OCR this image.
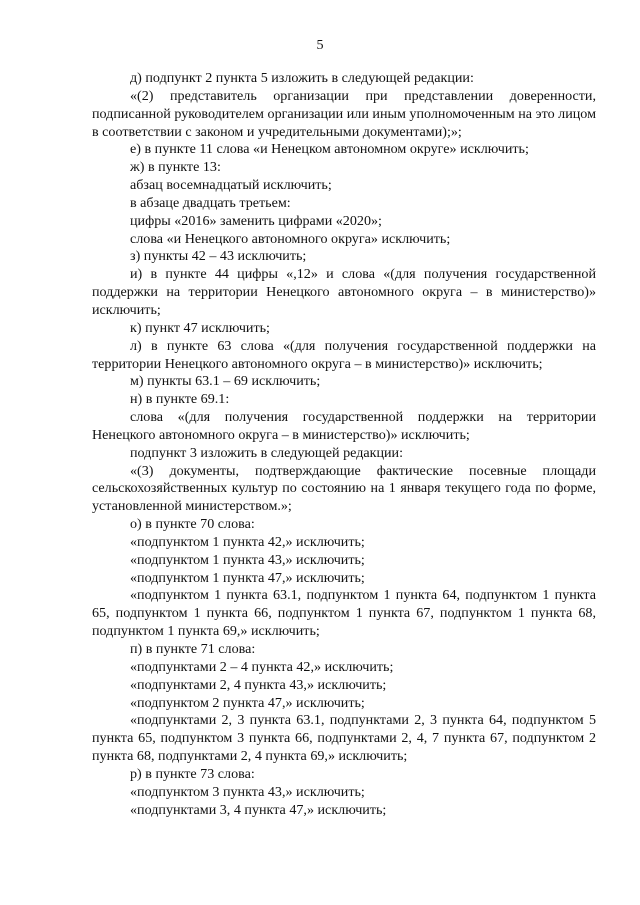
5

д) подпункт 2 пункта 5 изложить в следующей редакции:

«(2) представитель организации при представлении доверенности, подписанной руководителем организации или иным уполномоченным на это лицом в соответствии с законом и учредительными документами);»;

е) в пункте 11 слова «и Ненецком автономном округе» исключить;

ж) в пункте 13:

абзац восемнадцатый исключить;

в абзаце двадцать третьем:

цифры «2016» заменить цифрами «2020»;

слова «и Ненецкого автономного округа» исключить;

з) пункты 42 – 43 исключить;

и) в пункте 44 цифры «,12» и слова «(для получения государственной поддержки на территории Ненецкого автономного округа – в министерство)» исключить;

к) пункт 47 исключить;

л) в пункте 63 слова «(для получения государственной поддержки на территории Ненецкого автономного округа – в министерство)» исключить;

м) пункты 63.1 – 69 исключить;

н) в пункте 69.1:

слова «(для получения государственной поддержки на территории Ненецкого автономного округа – в министерство)» исключить;

подпункт 3 изложить в следующей редакции:

«(3) документы, подтверждающие фактические посевные площади сельскохозяйственных культур по состоянию на 1 января текущего года по форме, установленной министерством.»;

о) в пункте 70 слова:

«подпунктом 1 пункта 42,» исключить;

«подпунктом 1 пункта 43,» исключить;

«подпунктом 1 пункта 47,» исключить;

«подпунктом 1 пункта 63.1, подпунктом 1 пункта 64, подпунктом 1 пункта 65, подпунктом 1 пункта 66, подпунктом 1 пункта 67, подпунктом 1 пункта 68, подпунктом 1 пункта 69,» исключить;

п) в пункте 71 слова:

«подпунктами 2 – 4 пункта 42,» исключить;

«подпунктами 2, 4 пункта 43,» исключить;

«подпунктом 2 пункта 47,» исключить;

«подпунктами 2, 3 пункта 63.1, подпунктами 2, 3 пункта 64, подпунктом 5 пункта 65, подпунктом 3 пункта 66, подпунктами 2, 4, 7 пункта 67, подпунктом 2 пункта 68, подпунктами 2, 4 пункта 69,» исключить;

р) в пункте 73 слова:

«подпунктом 3 пункта 43,» исключить;

«подпунктами 3, 4 пункта 47,» исключить;
